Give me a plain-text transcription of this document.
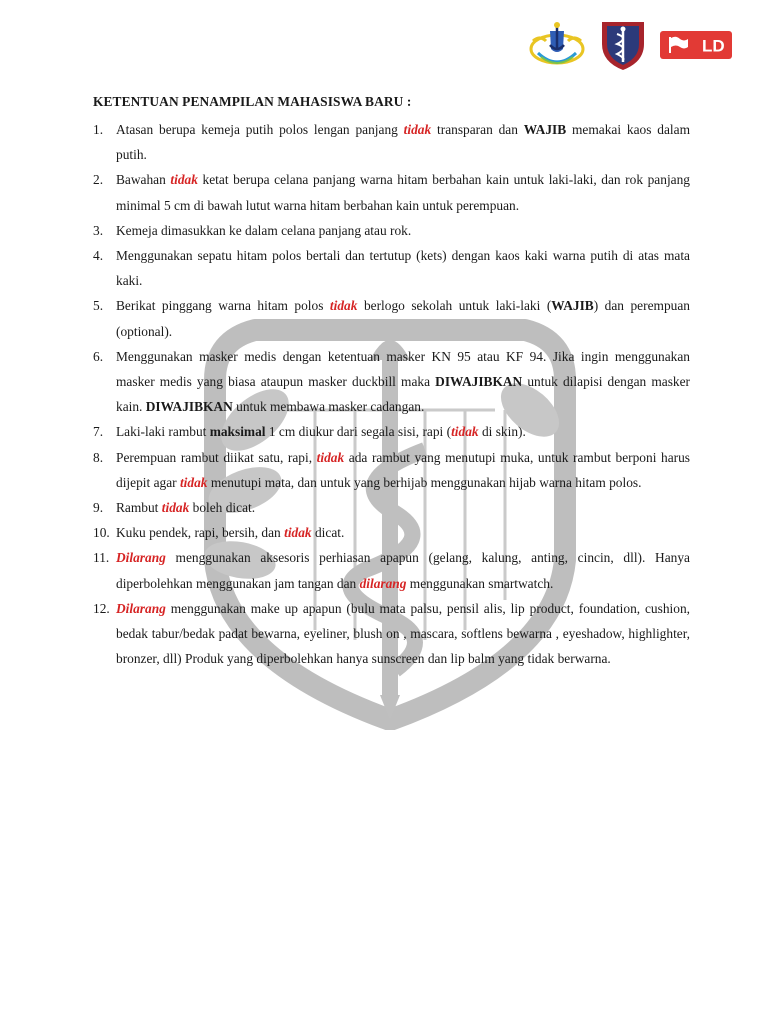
LD
KETENTUAN PENAMPILAN MAHASISWA BARU :
1. Atasan berupa kemeja putih polos lengan panjang tidak transparan dan WAJIB memakai kaos dalam putih.
2. Bawahan tidak ketat berupa celana panjang warna hitam berbahan kain untuk laki-laki, dan rok panjang minimal 5 cm di bawah lutut warna hitam berbahan kain untuk perempuan.
3. Kemeja dimasukkan ke dalam celana panjang atau rok.
4. Menggunakan sepatu hitam polos bertali dan tertutup (kets) dengan kaos kaki warna putih di atas mata kaki.
5. Berikat pinggang warna hitam polos tidak berlogo sekolah untuk laki-laki (WAJIB) dan perempuan (optional).
6. Menggunakan masker medis dengan ketentuan masker KN 95 atau KF 94. Jika ingin menggunakan masker medis yang biasa ataupun masker duckbill maka DIWAJIBKAN untuk dilapisi dengan masker kain. DIWAJIBKAN untuk membawa masker cadangan.
7. Laki-laki rambut maksimal 1 cm diukur dari segala sisi, rapi (tidak di skin).
8. Perempuan rambut diikat satu, rapi, tidak ada rambut yang menutupi muka, untuk rambut berponi harus dijepit agar tidak menutupi mata, dan untuk yang berhijab menggunakan hijab warna hitam polos.
9. Rambut tidak boleh dicat.
10. Kuku pendek, rapi, bersih, dan tidak dicat.
11. Dilarang menggunakan aksesoris perhiasan apapun (gelang, kalung, anting, cincin, dll). Hanya diperbolehkan menggunakan jam tangan dan dilarang menggunakan smartwatch.
12. Dilarang menggunakan make up apapun (bulu mata palsu, pensil alis, lip product, foundation, cushion, bedak tabur/bedak padat bewarna, eyeliner, blush on , mascara, softlens bewarna , eyeshadow, highlighter, bronzer, dll) Produk yang diperbolehkan hanya sunscreen dan lip balm yang tidak berwarna.
